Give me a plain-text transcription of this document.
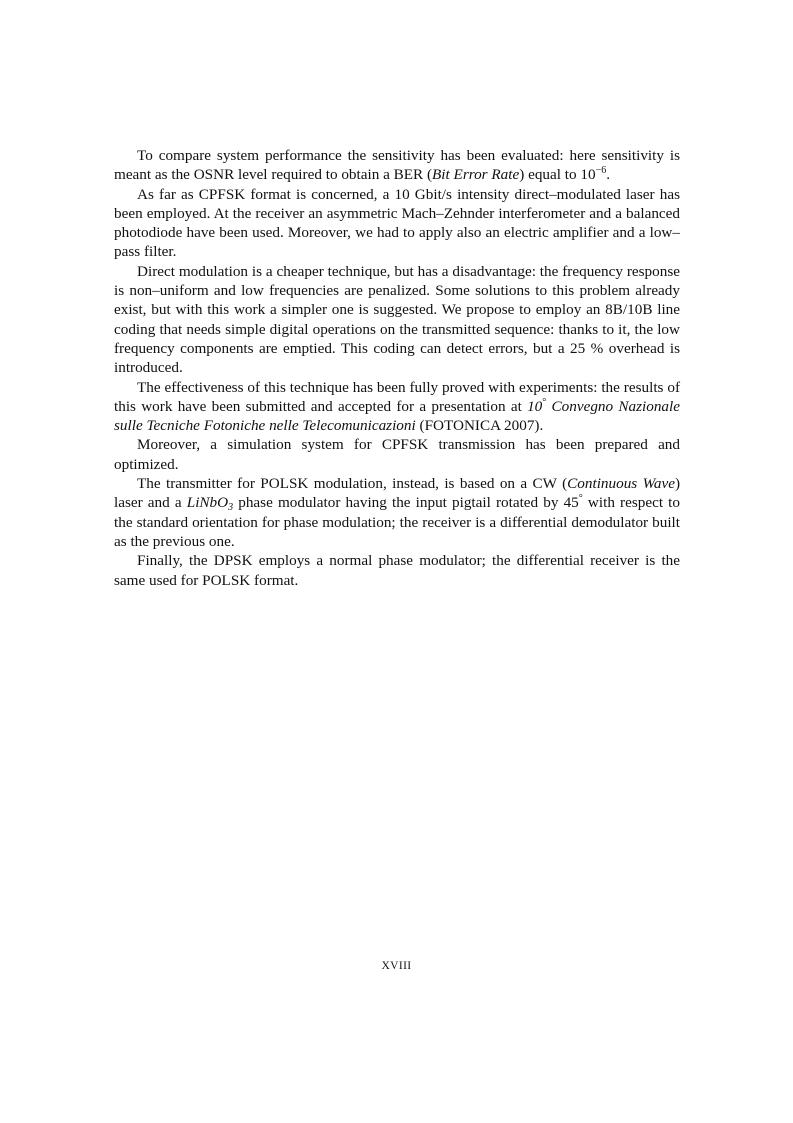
To compare system performance the sensitivity has been evaluated: here sensitivity is meant as the OSNR level required to obtain a BER (Bit Error Rate) equal to $10^{-6}$.

As far as CPFSK format is concerned, a 10 Gbit/s intensity direct–modulated laser has been employed. At the receiver an asymmetric Mach–Zehnder interferometer and a balanced photodiode have been used. Moreover, we had to apply also an electric amplifier and a low–pass filter.

Direct modulation is a cheaper technique, but has a disadvantage: the frequency response is non–uniform and low frequencies are penalized. Some solutions to this problem already exist, but with this work a simpler one is suggested. We propose to employ an 8B/10B line coding that needs simple digital operations on the transmitted sequence: thanks to it, the low frequency components are emptied. This coding can detect errors, but a 25 % overhead is introduced.

The effectiveness of this technique has been fully proved with experiments: the results of this work have been submitted and accepted for a presentation at 10° Convegno Nazionale sulle Tecniche Fotoniche nelle Telecomunicazioni (FOTONICA 2007).

Moreover, a simulation system for CPFSK transmission has been prepared and optimized.

The transmitter for POLSK modulation, instead, is based on a CW (Continuous Wave) laser and a LiNbO$_3$ phase modulator having the input pigtail rotated by 45° with respect to the standard orientation for phase modulation; the receiver is a differential demodulator built as the previous one.

Finally, the DPSK employs a normal phase modulator; the differential receiver is the same used for POLSK format.

XVIII
